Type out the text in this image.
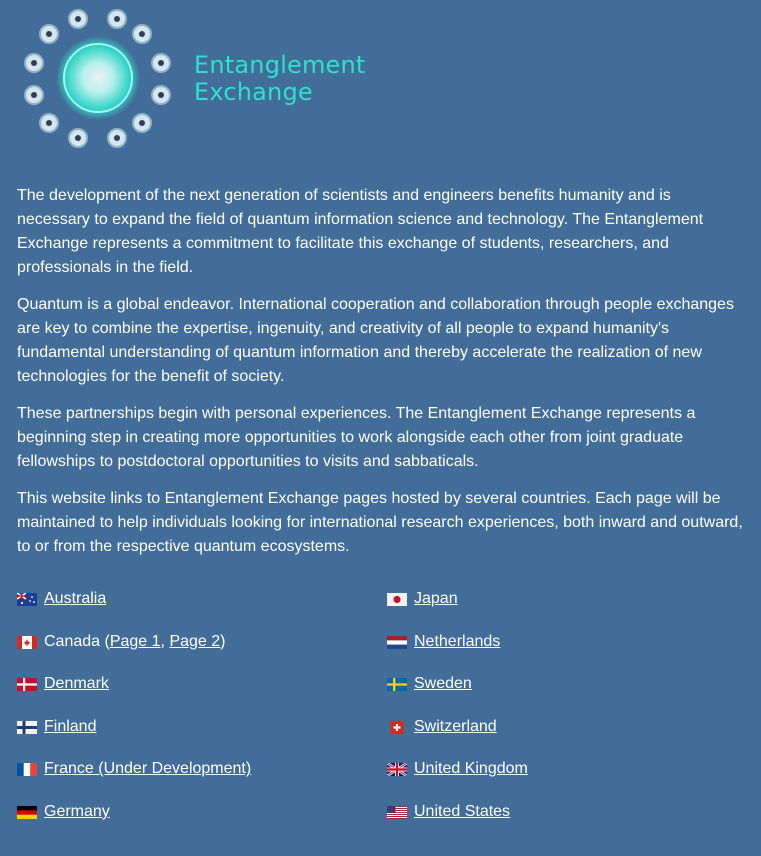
Entanglement
Exchange

The development of the next generation of scientists and engineers benefits humanity and is necessary to expand the field of quantum information science and technology. The Entanglement Exchange represents a commitment to facilitate this exchange of students, researchers, and professionals in the field.

Quantum is a global endeavor. International cooperation and collaboration through people exchanges are key to combine the expertise, ingenuity, and creativity of all people to expand humanity's fundamental understanding of quantum information and thereby accelerate the realization of new technologies for the benefit of society.

These partnerships begin with personal experiences. The Entanglement Exchange represents a beginning step in creating more opportunities to work alongside each other from joint graduate fellowships to postdoctoral opportunities to visits and sabbaticals.

This website links to Entanglement Exchange pages hosted by several countries. Each page will be maintained to help individuals looking for international research experiences, both inward and outward, to or from the respective quantum ecosystems.

Australia	Japan
Canada ( Page 1 , Page 2 )	Netherlands
Denmark	Sweden
Finland	Switzerland
France (Under Development)	United Kingdom
Germany	United States
